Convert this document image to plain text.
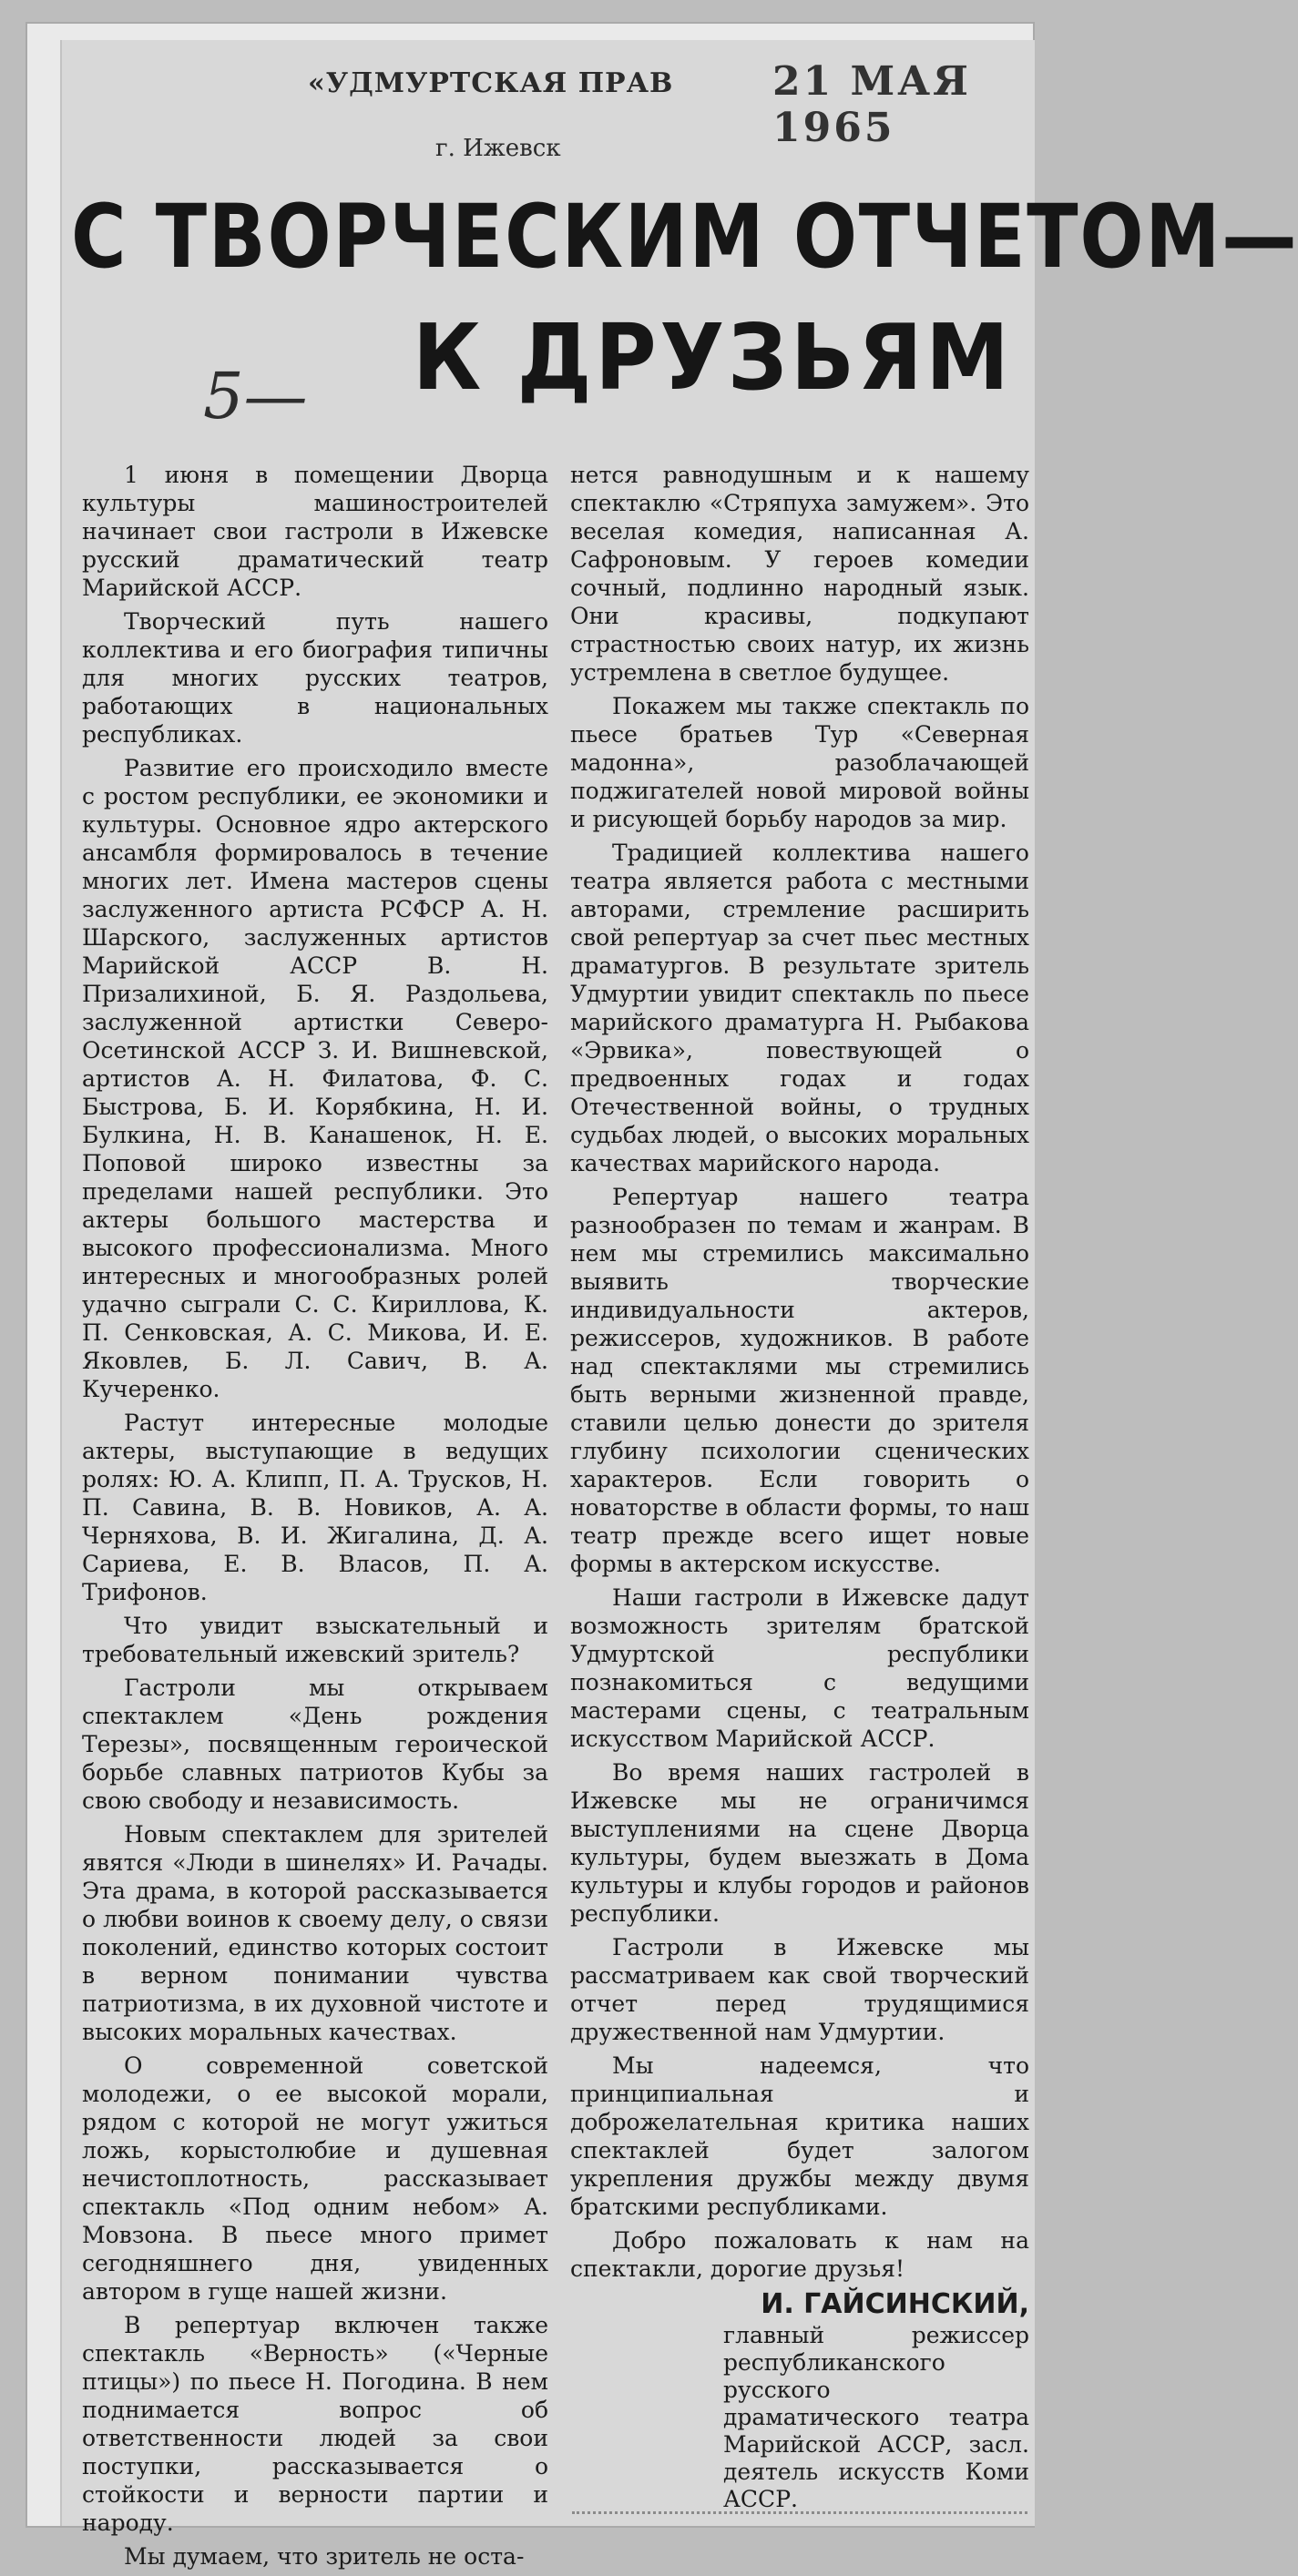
«УДМУРТСКАЯ ПРАВ 21 МАЯ 1965
г. Ижевск
С ТВОРЧЕСКИМ ОТЧЕТОМ—
5— К ДРУЗЬЯМ

1 июня в помещении Дворца культуры машиностроителей начинает свои гастроли в Ижевске русский драматический театр Марийской АССР.

Творческий путь нашего коллектива и его биография типичны для многих русских театров, работающих в национальных республиках.

Развитие его происходило вместе с ростом республики, ее экономики и культуры. Основное ядро актерского ансамбля формировалось в течение многих лет. Имена мастеров сцены заслуженного артиста РСФСР А. Н. Шарского, заслуженных артистов Марийской АССР В. Н. Призалихиной, Б. Я. Раздольева, заслуженной артистки Северо-Осетинской АССР З. И. Вишневской, артистов А. Н. Филатова, Ф. С. Быстрова, Б. И. Корябкина, Н. И. Булкина, Н. В. Канашенок, Н. Е. Поповой широко известны за пределами нашей республики. Это актеры большого мастерства и высокого профессионализма. Много интересных и многообразных ролей удачно сыграли С. С. Кириллова, К. П. Сенковская, А. С. Микова, И. Е. Яковлев, Б. Л. Савич, В. А. Кучеренко.

Растут интересные молодые актеры, выступающие в ведущих ролях: Ю. А. Клипп, П. А. Трусков, Н. П. Савина, В. В. Новиков, А. А. Черняхова, В. И. Жигалина, Д. А. Сариева, Е. В. Власов, П. А. Трифонов.

Что увидит взыскательный и требовательный ижевский зритель?

Гастроли мы открываем спектаклем «День рождения Терезы», посвященным героической борьбе славных патриотов Кубы за свою свободу и независимость.

Новым спектаклем для зрителей явятся «Люди в шинелях» И. Рачады. Эта драма, в которой рассказывается о любви воинов к своему делу, о связи поколений, единство которых состоит в верном понимании чувства патриотизма, в их духовной чистоте и высоких моральных качествах.

О современной советской молодежи, о ее высокой морали, рядом с которой не могут ужиться ложь, корыстолюбие и душевная нечистоплотность, рассказывает спектакль «Под одним небом» А. Мовзона. В пьесе много примет сегодняшнего дня, увиденных автором в гуще нашей жизни.

В репертуар включен также спектакль «Верность» («Черные птицы») по пьесе Н. Погодина. В нем поднимается вопрос об ответственности людей за свои поступки, рассказывается о стойкости и верности партии и народу.

Мы думаем, что зритель не оста-

нется равнодушным и к нашему спектаклю «Стряпуха замужем». Это веселая комедия, написанная А. Сафроновым. У героев комедии сочный, подлинно народный язык. Они красивы, подкупают страстностью своих натур, их жизнь устремлена в светлое будущее.

Покажем мы также спектакль по пьесе братьев Тур «Северная мадонна», разоблачающей поджигателей новой мировой войны и рисующей борьбу народов за мир.

Традицией коллектива нашего театра является работа с местными авторами, стремление расширить свой репертуар за счет пьес местных драматургов. В результате зритель Удмуртии увидит спектакль по пьесе марийского драматурга Н. Рыбакова «Эрвика», повествующей о предвоенных годах и годах Отечественной войны, о трудных судьбах людей, о высоких моральных качествах марийского народа.

Репертуар нашего театра разнообразен по темам и жанрам. В нем мы стремились максимально выявить творческие индивидуальности актеров, режиссеров, художников. В работе над спектаклями мы стремились быть верными жизненной правде, ставили целью донести до зрителя глубину психологии сценических характеров. Если говорить о новаторстве в области формы, то наш театр прежде всего ищет новые формы в актерском искусстве.

Наши гастроли в Ижевске дадут возможность зрителям братской Удмуртской республики познакомиться с ведущими мастерами сцены, с театральным искусством Марийской АССР.

Во время наших гастролей в Ижевске мы не ограничимся выступлениями на сцене Дворца культуры, будем выезжать в Дома культуры и клубы городов и районов республики.

Гастроли в Ижевске мы рассматриваем как свой творческий отчет перед трудящимися дружественной нам Удмуртии.

Мы надеемся, что принципиальная и доброжелательная критика наших спектаклей будет залогом укрепления дружбы между двумя братскими республиками.

Добро пожаловать к нам на спектакли, дорогие друзья!

И. ГАЙСИНСКИЙ,

главный режиссер республиканского русского драматического театра Марийской АССР, засл. деятель искусств Коми АССР.
